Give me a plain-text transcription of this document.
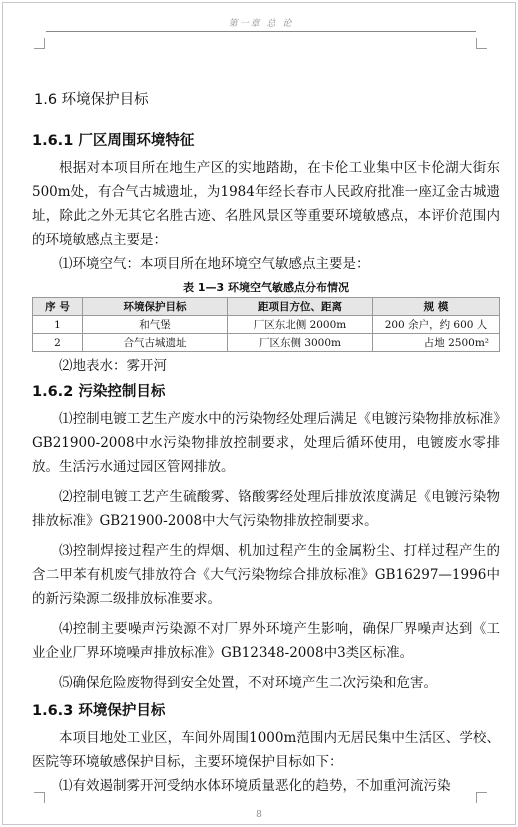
第一章 总 论
1.6 环境保护目标
1.6.1 厂区周围环境特征

根据对本项目所在地生产区的实地踏勘，在卡伦工业集中区卡伦湖大街东500m处，有合气古城遗址，为1984年经长春市人民政府批准一座辽金古城遗址，除此之外无其它名胜古迹、名胜风景区等重要环境敏感点，本评价范围内的环境敏感点主要是：

⑴环境空气：本项目所在地环境空气敏感点主要是：

表 1—3 环境空气敏感点分布情况
序 号	环境保护目标	距项目方位、距离	规 模
1	和气堡	厂区东北侧 2000m	200 余户，约 600 人
2	合气古城遗址	厂区东侧 3000m	占地 2500m²

⑵地表水：雾开河

1.6.2 污染控制目标

⑴控制电镀工艺生产废水中的污染物经处理后满足《电镀污染物排放标准》GB21900-2008中水污染物排放控制要求，处理后循环使用，电镀废水零排放。生活污水通过园区管网排放。

⑵控制电镀工艺产生硫酸雾、铬酸雾经处理后排放浓度满足《电镀污染物排放标准》GB21900-2008中大气污染物排放控制要求。

⑶控制焊接过程产生的焊烟、机加过程产生的金属粉尘、打样过程产生的含二甲苯有机废气排放符合《大气污染物综合排放标准》GB16297—1996中的新污染源二级排放标准要求。

⑷控制主要噪声污染源不对厂界外环境产生影响，确保厂界噪声达到《工业企业厂界环境噪声排放标准》GB12348-2008中3类区标准。

⑸确保危险废物得到安全处置，不对环境产生二次污染和危害。

1.6.3 环境保护目标

本项目地处工业区，车间外周围1000m范围内无居民集中生活区、学校、医院等环境敏感保护目标，主要环境保护目标如下：

⑴有效遏制雾开河受纳水体环境质量恶化的趋势，不加重河流污染

8
